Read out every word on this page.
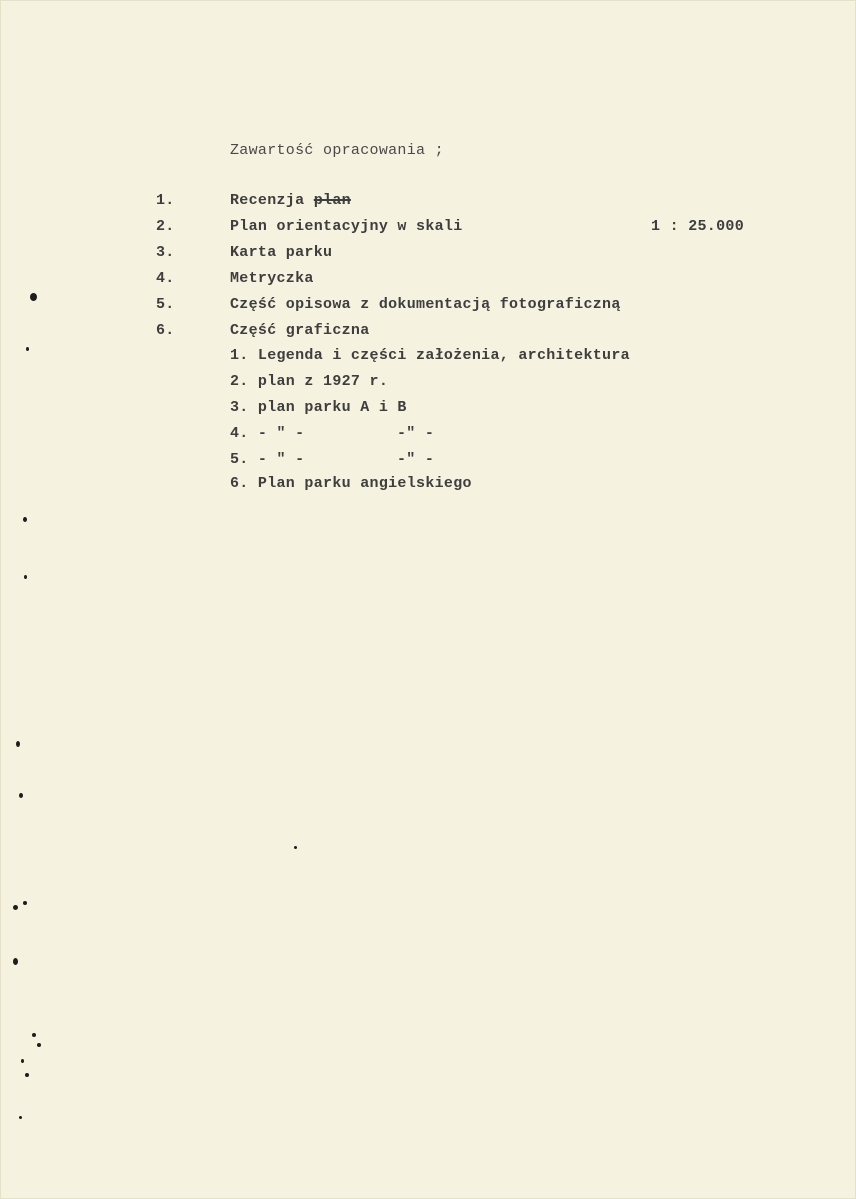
Zawartość opracowania ;
1.	Recenzja plan
2.	Plan orientacyjny w skali	1 : 25.000
3.	Karta parku
4.	Metryczka
5.	Część opisowa z dokumentacją fotograficzną
6.	Część graficzna
1. Legenda i części założenia, architektura
2. plan z 1927 r.
3. plan parku A i B
4. - " -	-" -
5. - " -	-" -
6. Plan parku angielskiego
